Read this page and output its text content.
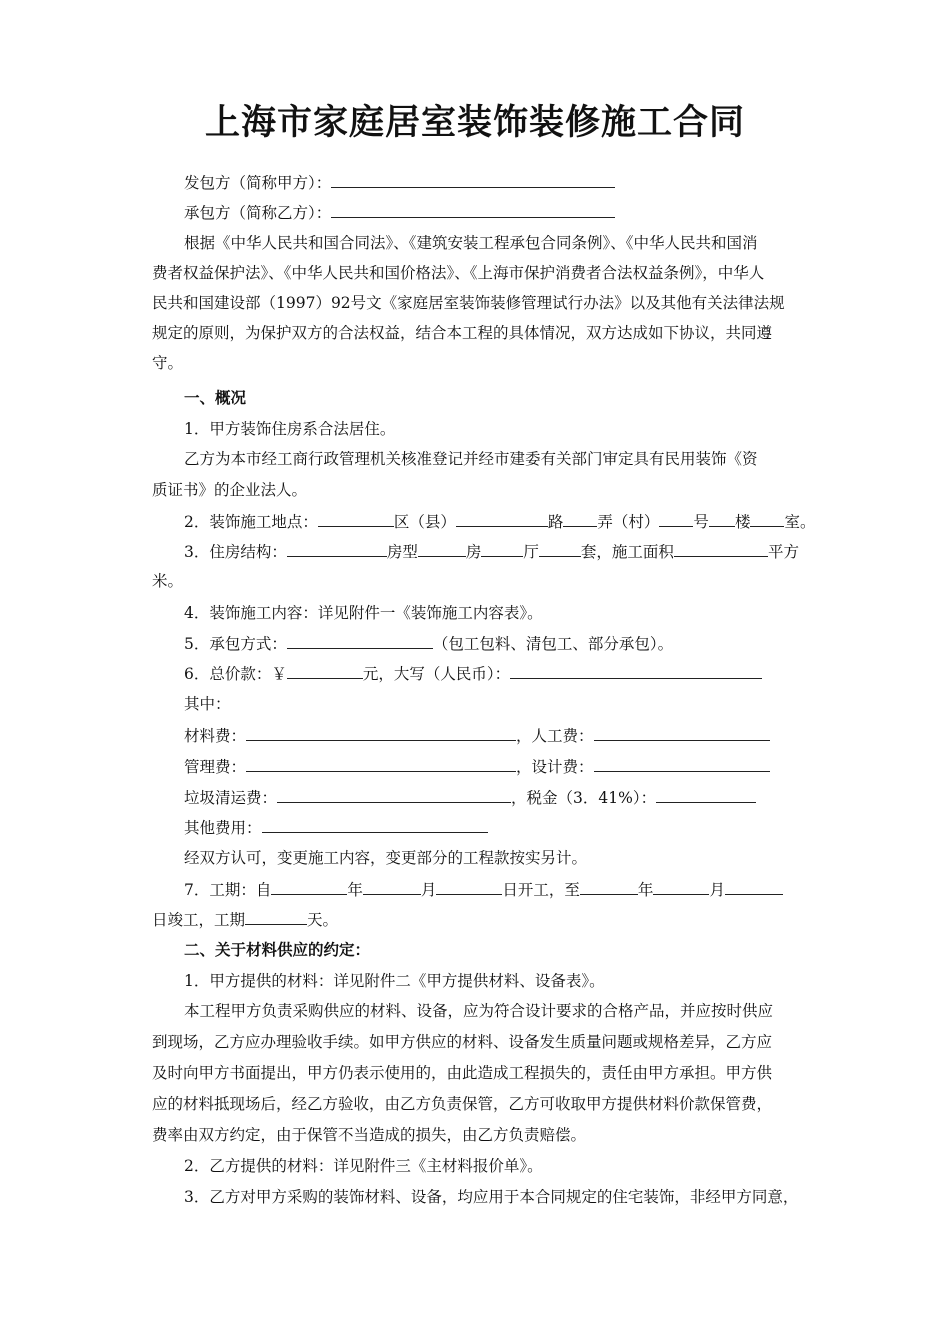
上海市家庭居室装饰装修施工合同
发包方（简称甲方）：
承包方（简称乙方）：
根据《中华人民共和国合同法》、《建筑安装工程承包合同条例》、《中华人民共和国消
费者权益保护法》、《中华人民共和国价格法》、《上海市保护消费者合法权益条例》，中华人
民共和国建设部（1997）92号文《家庭居室装饰装修管理试行办法》以及其他有关法律法规
规定的原则，为保护双方的合法权益，结合本工程的具体情况，双方达成如下协议，共同遵
守。
一、概况
1．甲方装饰住房系合法居住。
乙方为本市经工商行政管理机关核准登记并经市建委有关部门审定具有民用装饰《资
质证书》的企业法人。
2．装饰施工地点：	区（县）	路 弄（村） 号 楼 室。
3．住房结构：	房型	房	厅	套，施工面积	平方
米。
4．装饰施工内容：详见附件一《装饰施工内容表》。
5．承包方式：	（包工包料、清包工、部分承包）。
6．总价款：￥	元，大写（人民币）：
其中：
材料费：	，人工费：
管理费：	，设计费：
垃圾清运费：	，税金（3．41%）：
其他费用：
经双方认可，变更施工内容，变更部分的工程款按实另计。
7．工期：自	年	月	日开工，至	年	月
日竣工，工期	天。
二、关于材料供应的约定：
1．甲方提供的材料：详见附件二《甲方提供材料、设备表》。
本工程甲方负责采购供应的材料、设备，应为符合设计要求的合格产品，并应按时供应
到现场，乙方应办理验收手续。如甲方供应的材料、设备发生质量问题或规格差异，乙方应
及时向甲方书面提出，甲方仍表示使用的，由此造成工程损失的，责任由甲方承担。甲方供
应的材料抵现场后，经乙方验收，由乙方负责保管，乙方可收取甲方提供材料价款保管费，
费率由双方约定，由于保管不当造成的损失，由乙方负责赔偿。
2．乙方提供的材料：详见附件三《主材料报价单》。
3．乙方对甲方采购的装饰材料、设备，均应用于本合同规定的住宅装饰，非经甲方同意，
